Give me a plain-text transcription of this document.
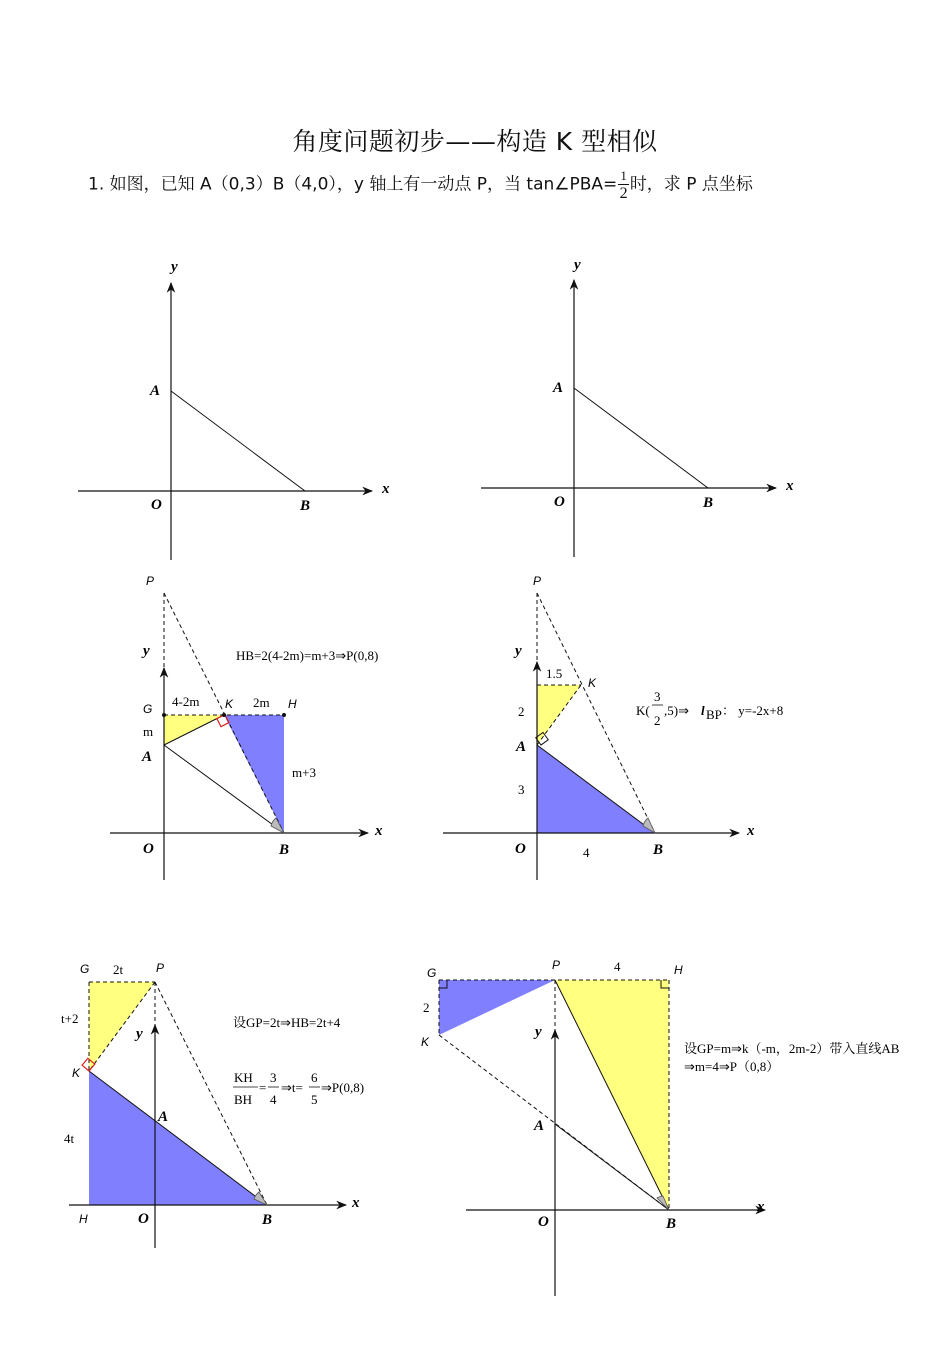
角度问题初步——构造 K 型相似
1. 如图，已知 A（0,3）B（4,0），y 轴上有一动点 P，当 tan∠PBA= $\frac{1}{2}$ 时，求 P 点坐标
x
y
A
O	B
x
y
A
O	B
x
y
P
G	K	H
A
O	B
4-2m	2m
m
m+3
HB=2(4-2m)=m+3⇒P(0,8)
x
y
P
K
A
O	B
1.5
2
3
4
K(
3
2
,5)⇒ l BP ： y=-2x+8
x
y
G	P
K
H
A
O	B
2t
t+2
4t
设GP=2t⇒HB=2t+4
KH
BH
=
3
4
⇒t=
6
5
⇒P(0,8)
x
y
G
P	H
K
A
O	B
2
4
设GP=m⇒k（-m，2m-2）带入直线AB
⇒m=4⇒P（0,8）
